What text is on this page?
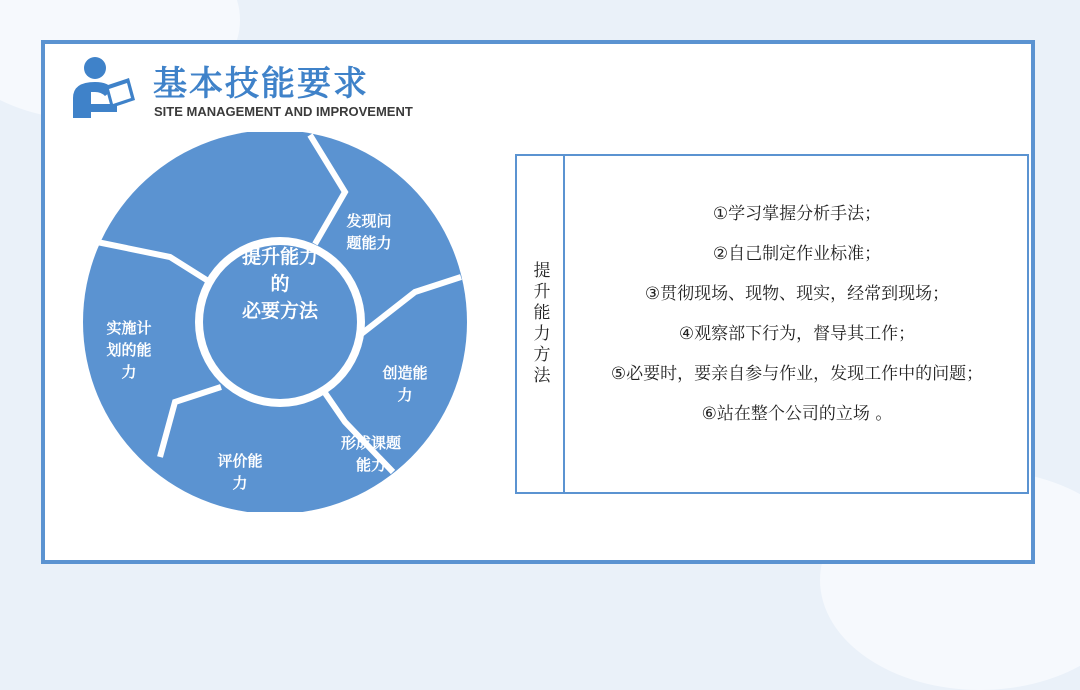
基本技能要求
SITE MANAGEMENT AND IMPROVEMENT
提升能力
的
必要方法
发现问
题能力
创造能
力
形成课题
能力
评价能
力
实施计
划的能
力	提升能力方法
①学习掌握分析手法；
②自己制定作业标准；
③贯彻现场、现物、现实，经常到现场；
④观察部下行为，督导其工作；
⑤必要时，要亲自参与作业，发现工作中的问题；
⑥站在整个公司的立场 。
